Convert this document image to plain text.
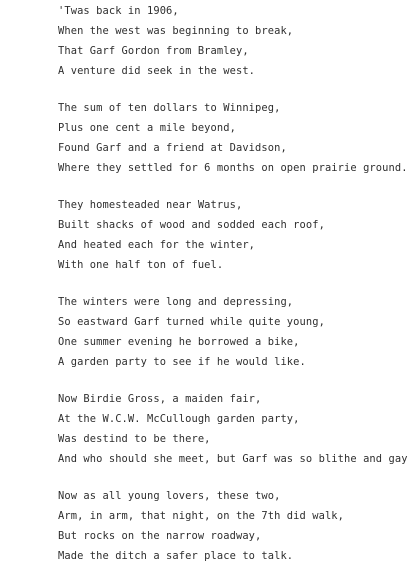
'Twas back in 1906,
When the west was beginning to break,
That Garf Gordon from Bramley,
A venture did seek in the west.
The sum of ten dollars to Winnipeg,
Plus one cent a mile beyond,
Found Garf and a friend at Davidson,
Where they settled for 6 months on open prairie ground.
They homesteaded near Watrus,
Built shacks of wood and sodded each roof,
And heated each for the winter,
With one half ton of fuel.
The winters were long and depressing,
So eastward Garf turned while quite young,
One summer evening he borrowed a bike,
A garden party to see if he would like.
Now Birdie Gross, a maiden fair,
At the W.C.W. McCullough garden party,
Was destind to be there,
And who should she meet, but Garf was so blithe and gay
Now as all young lovers, these two,
Arm, in arm, that night, on the 7th did walk,
But rocks on the narrow roadway,
Made the ditch a safer place to talk.
